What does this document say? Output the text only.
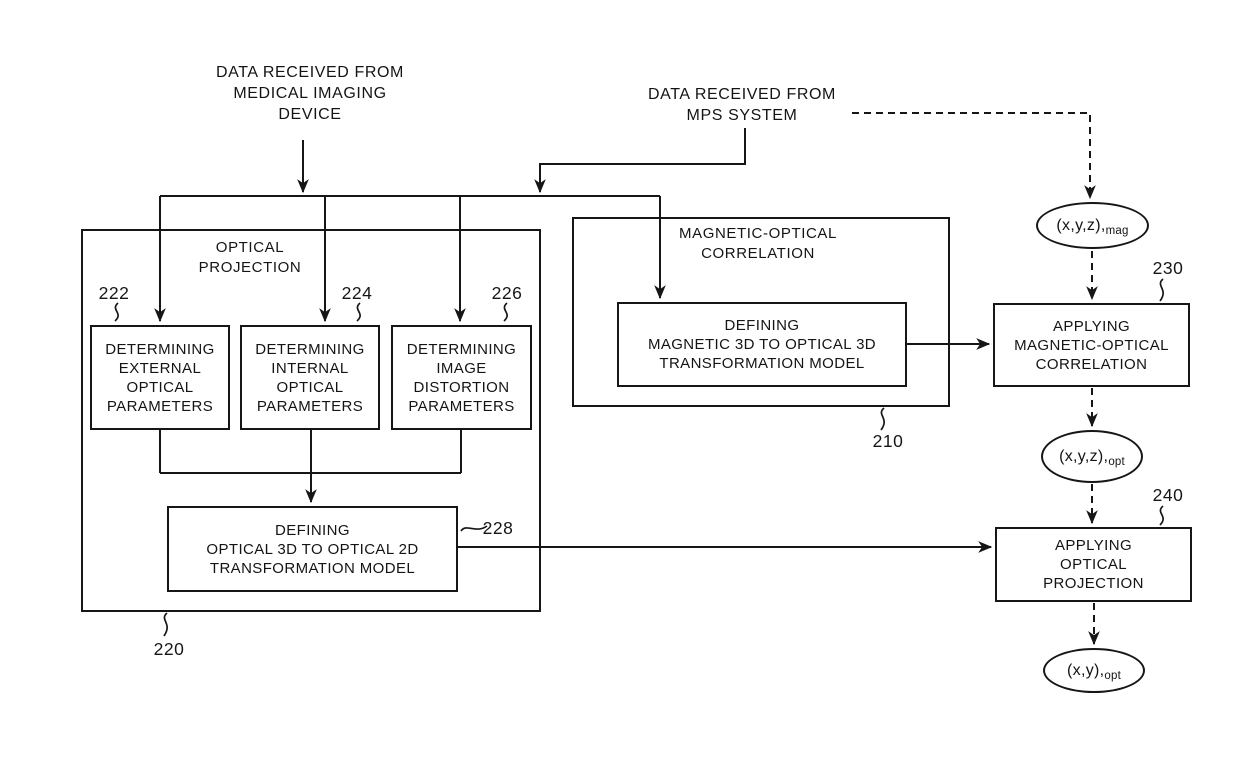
DATA RECEIVED FROM
MEDICAL IMAGING
DEVICE
DATA RECEIVED FROM
MPS SYSTEM
OPTICAL
PROJECTION
DETERMINING
EXTERNAL
OPTICAL
PARAMETERS
DETERMINING
INTERNAL
OPTICAL
PARAMETERS
DETERMINING
IMAGE
DISTORTION
PARAMETERS
DEFINING
OPTICAL 3D TO OPTICAL 2D
TRANSFORMATION MODEL
MAGNETIC-OPTICAL
CORRELATION
DEFINING
MAGNETIC 3D TO OPTICAL 3D
TRANSFORMATION MODEL
(x,y,z), mag
APPLYING
MAGNETIC-OPTICAL
CORRELATION
(x,y,z), opt
APPLYING
OPTICAL
PROJECTION
(x,y), opt
222	224	226
228
220
210
230
240
